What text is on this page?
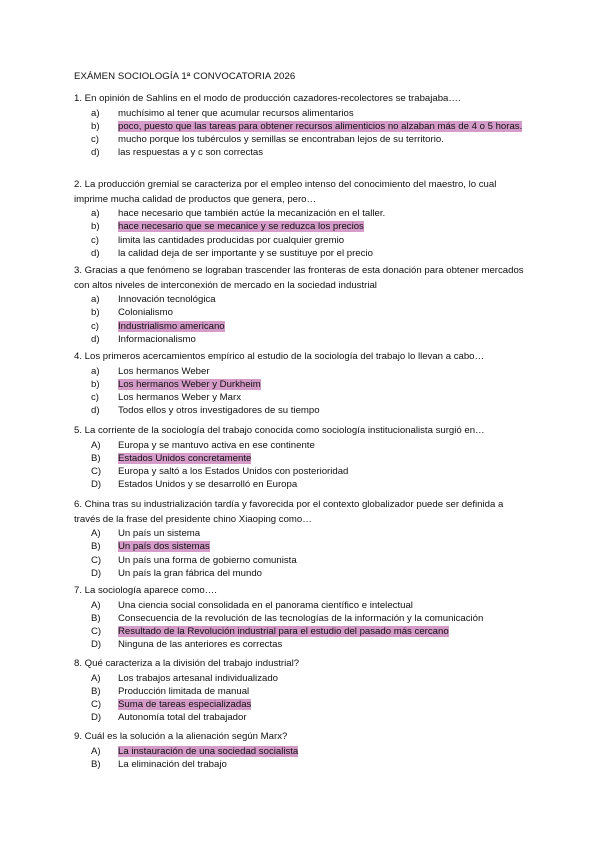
EXÁMEN SOCIOLOGÍA 1ª CONVOCATORIA 2026
1. En opinión de Sahlins en el modo de producción cazadores-recolectores se trabajaba….
a)	muchísimo al tener que acumular recursos alimentarios
b)	poco, puesto que las tareas para obtener recursos alimenticios no alzaban más de 4 o 5 horas.
c)	mucho porque los tubérculos y semillas se encontraban lejos de su territorio.
d)	las respuestas a y c son correctas
2. La producción gremial se caracteriza por el empleo intenso del conocimiento del maestro, lo cual imprime mucha calidad de productos que genera, pero…
a)	hace necesario que también actúe la mecanización en el taller.
b)	hace necesario que se mecanice y se reduzca los precios
c)	limita las cantidades producidas por cualquier gremio
d)	la calidad deja de ser importante y se sustituye por el precio
3. Gracias a que fenómeno se lograban trascender las fronteras de esta donación para obtener mercados con altos niveles de interconexión de mercado en la sociedad industrial
a)	Innovación tecnológica
b)	Colonialismo
c)	Industrialismo americano
d)	Informacionalismo
4. Los primeros acercamientos empírico al estudio de la sociología del trabajo lo llevan a cabo…
a)	Los hermanos Weber
b)	Los hermanos Weber y Durkheim
c)	Los hermanos Weber y Marx
d)	Todos ellos y otros investigadores de su tiempo
5. La corriente de la sociología del trabajo conocida como sociología institucionalista surgió en…
A)	Europa y se mantuvo activa en ese continente
B)	Estados Unidos concretamente
C)	Europa y saltó a los Estados Unidos con posterioridad
D)	Estados Unidos y se desarrolló en Europa
6. China tras su industrialización tardía y favorecida por el contexto globalizador puede ser definida a través de la frase del presidente chino Xiaoping como…
A)	Un país un sistema
B)	Un país dos sistemas
C)	Un país una forma de gobierno comunista
D)	Un país la gran fábrica del mundo
7. La sociología aparece como….
A)	Una ciencia social consolidada en el panorama científico e intelectual
B)	Consecuencia de la revolución de las tecnologías de la información y la comunicación
C)	Resultado de la Revolución industrial para el estudio del pasado más cercano
D)	Ninguna de las anteriores es correctas
8. Qué caracteriza a la división del trabajo industrial?
A)	Los trabajos artesanal individualizado
B)	Producción limitada de manual
C)	Suma de tareas especializadas
D)	Autonomía total del trabajador
9. Cuál es la solución a la alienación según Marx?
A)	La instauración de una sociedad socialista
B)	La eliminación del trabajo
